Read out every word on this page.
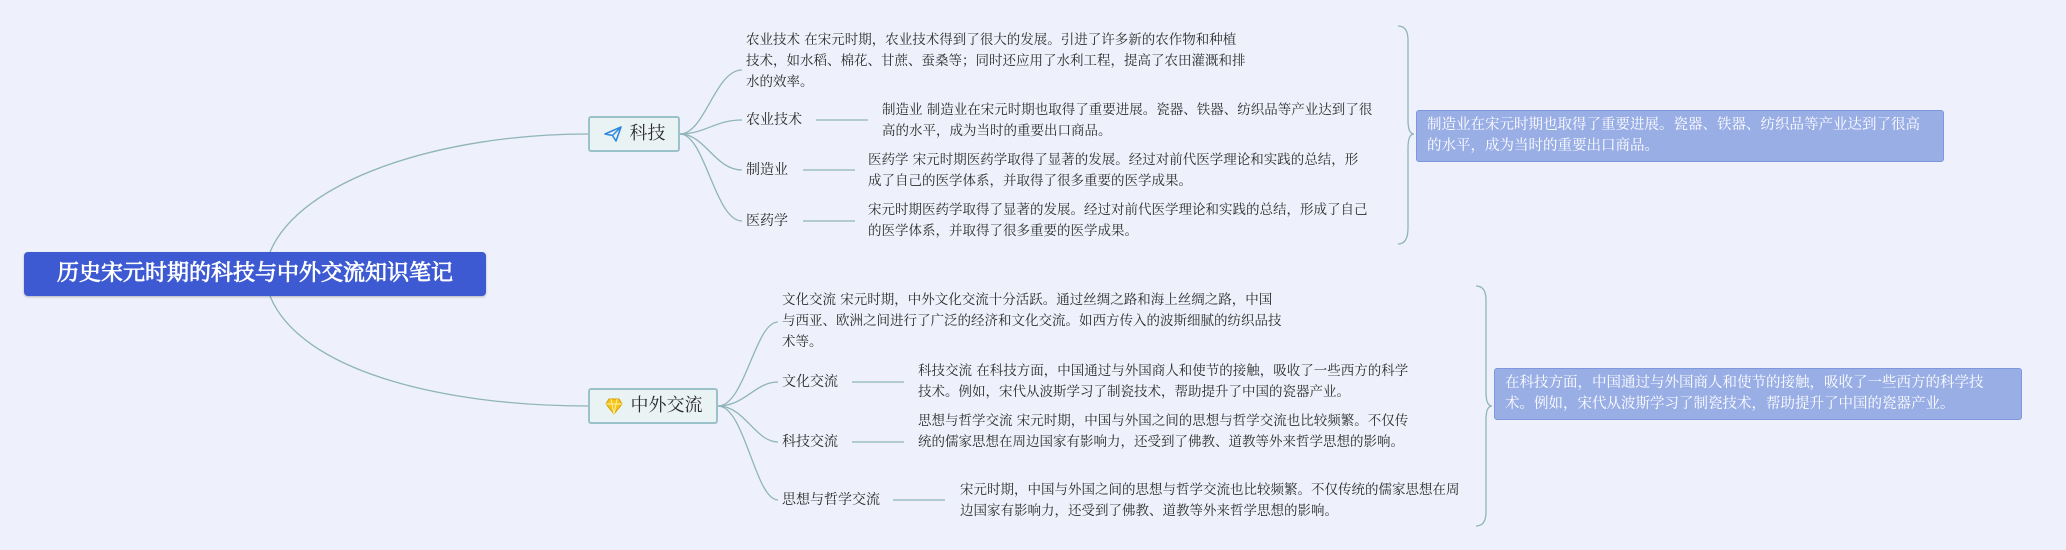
历史宋元时期的科技与中外交流知识笔记
科技
中外交流
农业技术 在宋元时期，农业技术得到了很大的发展。引进了许多新的农作物和种植技术，如水稻、棉花、甘蔗、蚕桑等；同时还应用了水利工程，提高了农田灌溉和排水的效率。
农业技术
制造业 制造业在宋元时期也取得了重要进展。瓷器、铁器、纺织品等产业达到了很高的水平，成为当时的重要出口商品。
制造业
医药学 宋元时期医药学取得了显著的发展。经过对前代医学理论和实践的总结，形成了自己的医学体系，并取得了很多重要的医学成果。
医药学
宋元时期医药学取得了显著的发展。经过对前代医学理论和实践的总结，形成了自己的医学体系，并取得了很多重要的医学成果。
文化交流 宋元时期，中外文化交流十分活跃。通过丝绸之路和海上丝绸之路，中国与西亚、欧洲之间进行了广泛的经济和文化交流。如西方传入的波斯细腻的纺织品技术等。
文化交流
科技交流 在科技方面，中国通过与外国商人和使节的接触，吸收了一些西方的科学技术。例如，宋代从波斯学习了制瓷技术，帮助提升了中国的瓷器产业。
科技交流
思想与哲学交流 宋元时期，中国与外国之间的思想与哲学交流也比较频繁。不仅传统的儒家思想在周边国家有影响力，还受到了佛教、道教等外来哲学思想的影响。
思想与哲学交流
宋元时期，中国与外国之间的思想与哲学交流也比较频繁。不仅传统的儒家思想在周边国家有影响力，还受到了佛教、道教等外来哲学思想的影响。
制造业在宋元时期也取得了重要进展。瓷器、铁器、纺织品等产业达到了很高的水平，成为当时的重要出口商品。
在科技方面，中国通过与外国商人和使节的接触，吸收了一些西方的科学技术。例如，宋代从波斯学习了制瓷技术，帮助提升了中国的瓷器产业。
